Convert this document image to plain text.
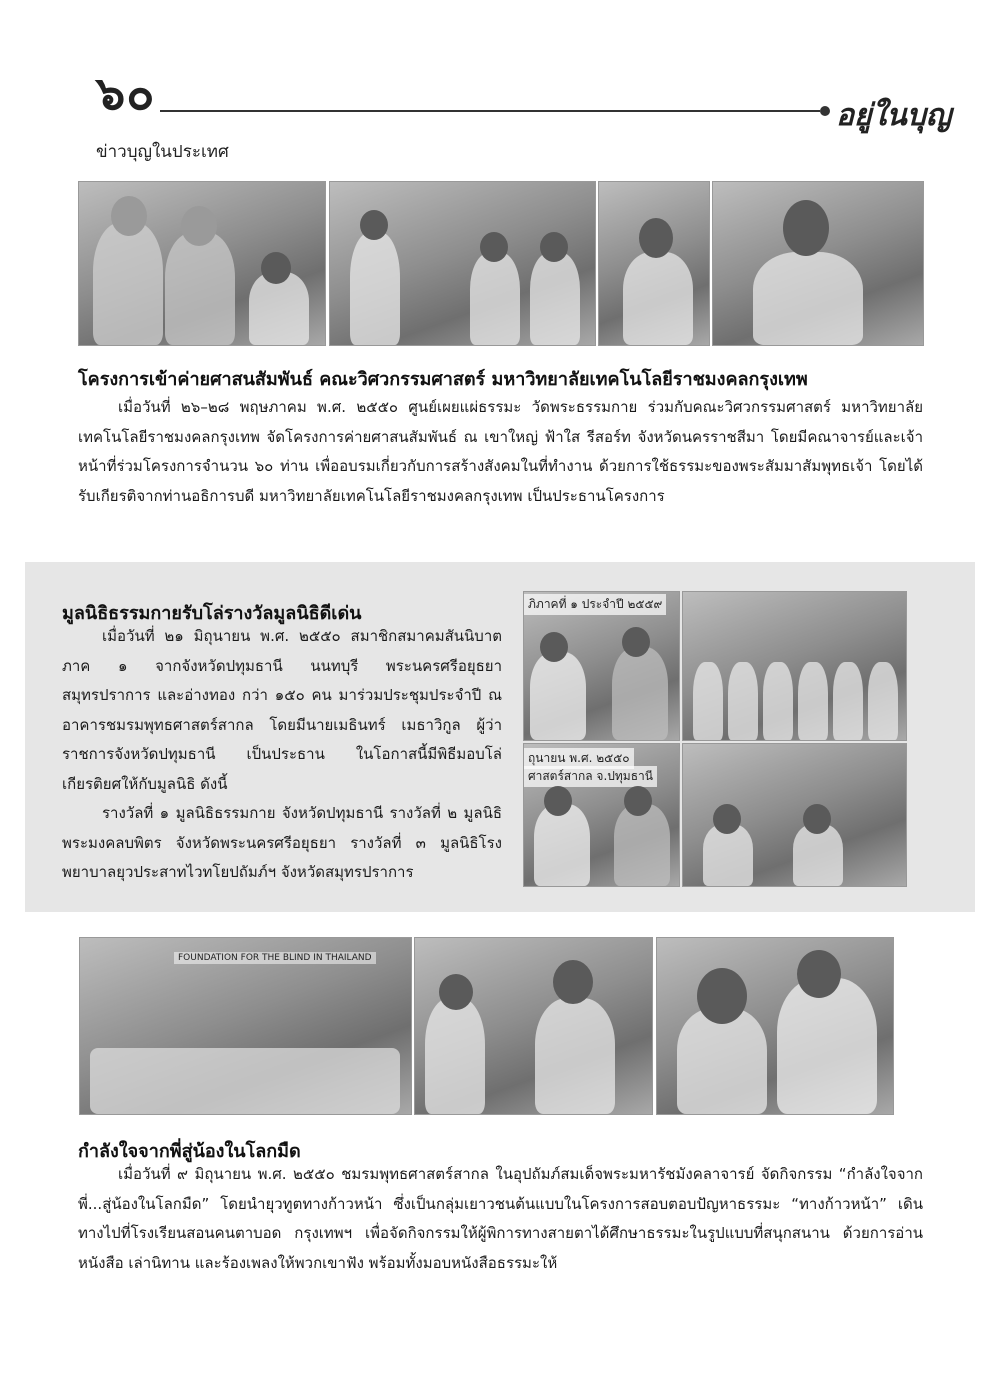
๖๐	อยู่ในบุญ
ข่าวบุญในประเทศ
โครงการเข้าค่ายศาสนสัมพันธ์ คณะวิศวกรรมศาสตร์ มหาวิทยาลัยเทคโนโลยีราชมงคลกรุงเทพ

เมื่อวันที่ ๒๖–๒๘ พฤษภาคม พ.ศ. ๒๕๕๐ ศูนย์เผยแผ่ธรรมะ วัดพระธรรมกาย ร่วมกับคณะวิศวกรรมศาสตร์ มหาวิทยาลัยเทคโนโลยีราชมงคลกรุงเทพ จัดโครงการค่ายศาสนสัมพันธ์ ณ เขาใหญ่ ฟ้าใส รีสอร์ท จังหวัดนครราชสีมา โดยมีคณาจารย์และเจ้าหน้าที่ร่วมโครงการจำนวน ๖๐ ท่าน เพื่ออบรมเกี่ยวกับการสร้างสังคมในที่ทำงาน ด้วยการใช้ธรรมะของพระสัมมาสัมพุทธเจ้า โดยได้รับเกียรติจากท่านอธิการบดี มหาวิทยาลัยเทคโนโลยีราชมงคลกรุงเทพ เป็นประธานโครงการ

มูลนิธิธรรมกายรับโล่รางวัลมูลนิธิดีเด่น

เมื่อวันที่ ๒๑ มิถุนายน พ.ศ. ๒๕๕๐ สมาชิกสมาคมสันนิบาต ภาค ๑ จากจังหวัดปทุมธานี นนทบุรี พระนครศรีอยุธยา สมุทรปราการ และอ่างทอง กว่า ๑๕๐ คน มาร่วมประชุมประจำปี ณ อาคารชมรมพุทธศาสตร์สากล โดยมีนายเมธินทร์ เมธาวิกูล ผู้ว่าราชการจังหวัดปทุมธานี เป็นประธาน ในโอกาสนี้มีพิธีมอบโล่เกียรติยศให้กับมูลนิธิ ดังนี้

รางวัลที่ ๑ มูลนิธิธรรมกาย จังหวัดปทุมธานี รางวัลที่ ๒ มูลนิธิพระมงคลบพิตร จังหวัดพระนครศรีอยุธยา รางวัลที่ ๓ มูลนิธิโรงพยาบาลยุวประสาทไวทโยปถัมภ์ฯ จังหวัดสมุทรปราการ

ภิภาคที่ ๑ ประจำปี ๒๕๕๙
ถุนายน พ.ศ. ๒๕๕๐
ศาสตร์สากล จ.ปทุมธานี
FOUNDATION FOR THE BLIND IN THAILAND
กำลังใจจากพี่สู่น้องในโลกมืด

เมื่อวันที่ ๙ มิถุนายน พ.ศ. ๒๕๕๐ ชมรมพุทธศาสตร์สากล ในอุปถัมภ์สมเด็จพระมหารัชมังคลาจารย์ จัดกิจกรรม “กำลังใจจากพี่...สู่น้องในโลกมืด” โดยนำยุวทูตทางก้าวหน้า ซึ่งเป็นกลุ่มเยาวชนต้นแบบในโครงการสอบตอบปัญหาธรรมะ “ทางก้าวหน้า” เดินทางไปที่โรงเรียนสอนคนตาบอด กรุงเทพฯ เพื่อจัดกิจกรรมให้ผู้พิการทางสายตาได้ศึกษาธรรมะในรูปแบบที่สนุกสนาน ด้วยการอ่านหนังสือ เล่านิทาน และร้องเพลงให้พวกเขาฟัง พร้อมทั้งมอบหนังสือธรรมะให้
